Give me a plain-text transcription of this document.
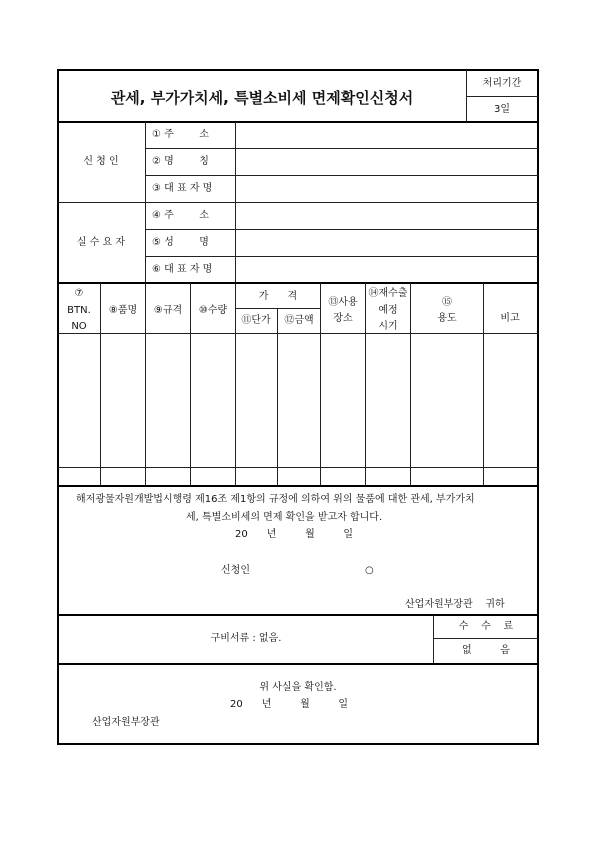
관세, 부가가치세, 특별소비세 면제확인신청서
처리기간
3일
신 청 인
① 주        소
② 명        칭
③ 대 표 자 명
실 수 요 자
④ 주        소
⑤ 성        명
⑥ 대 표 자 명
⑦
BTN.
NO
⑧품명 ⑨규격 ⑩수량
가      격
⑪단가 ⑫금액
⑬사용
장소
⑭재수출
예정
시기
⑮
용도	비고
해저광물자원개발법시행령 제16조 제1항의 규정에 의하여 위의 물품에 대한 관세, 부가가치
세, 특별소비세의 면제 확인을 받고자 합니다.
20      년         월         일
신청인	○
산업자원부장관    귀하
구비서류 : 없음.
수    수    료
없         음
위 사실을 확인함.
20      년         월         일
산업자원부장관
